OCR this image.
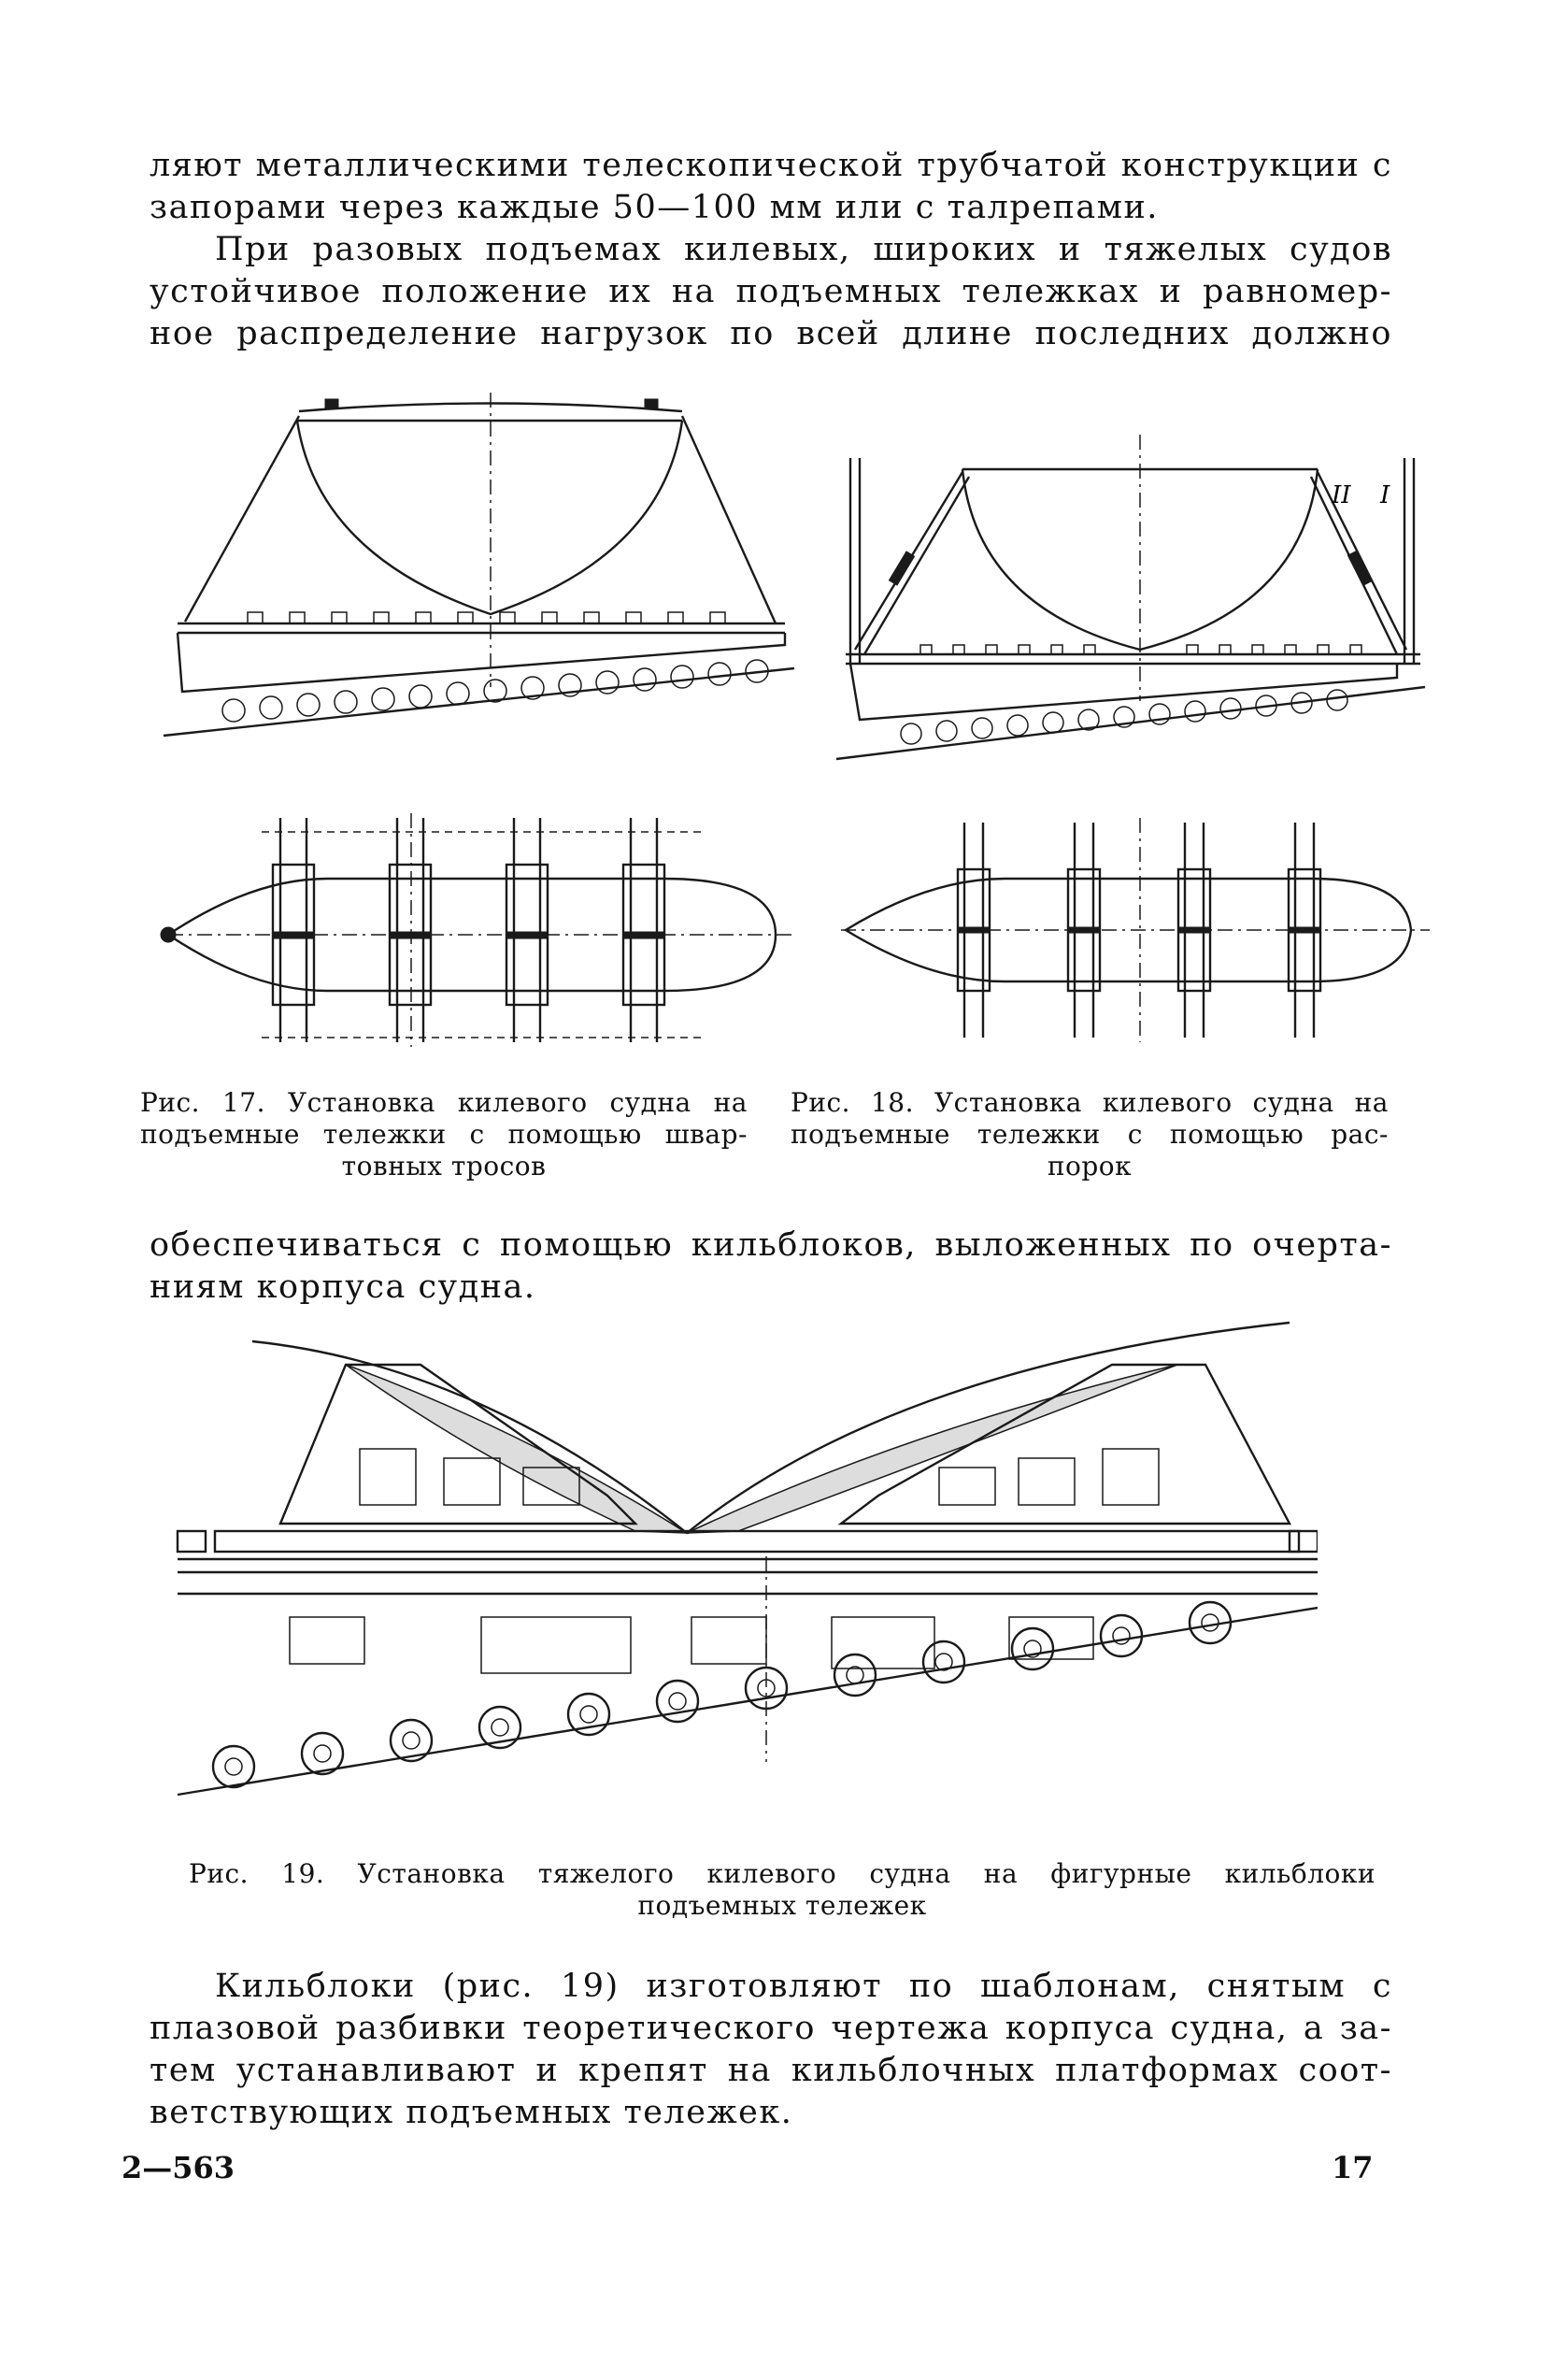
ляют металлическими телескопической трубчатой конструкции с
запорами через каждые 50—100 мм или с талрепами.
При разовых подъемах килевых, широких и тяжелых судов
устойчивое положение их на подъемных тележках и равномер-
ное распределение нагрузок по всей длине последних должно
II I
Рис. 17. Установка килевого судна на
подъемные тележки с помощью швар-
товных тросов
Рис. 18. Установка килевого судна на
подъемные тележки с помощью рас-
порок
обеспечиваться с помощью кильблоков, выложенных по очерта-
ниям корпуса судна.
Рис. 19. Установка тяжелого килевого судна на фигурные кильблоки
подъемных тележек
Кильблоки (рис. 19) изготовляют по шаблонам, снятым с
плазовой разбивки теоретического чертежа корпуса судна, а за-
тем устанавливают и крепят на кильблочных платформах соот-
ветствующих подъемных тележек.
2—563	17
